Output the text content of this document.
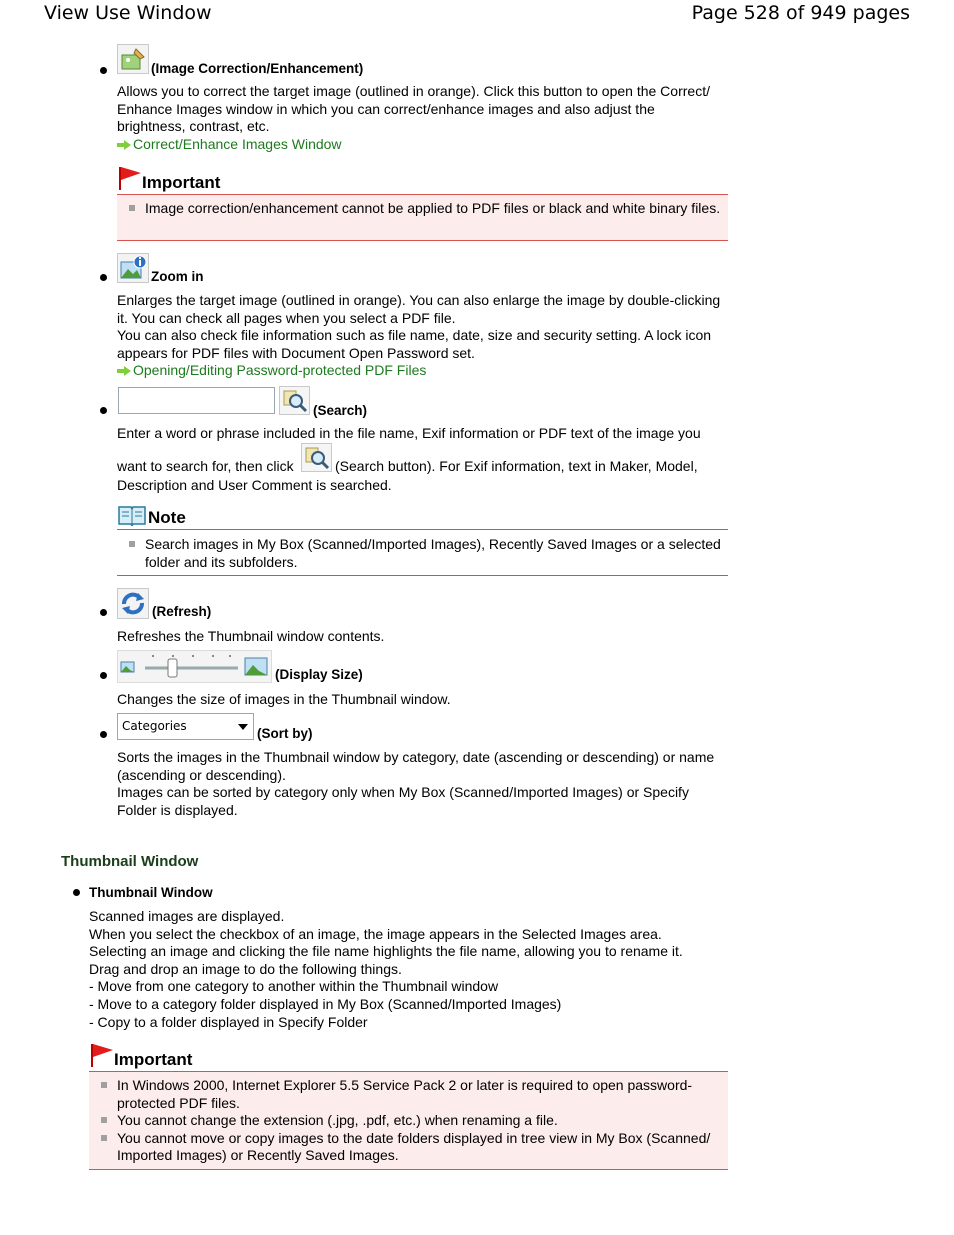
View Use Window	Page 528 of 949 pages
(Image Correction/Enhancement)
Allows you to correct the target image (outlined in orange). Click this button to open the Correct/ Enhance Images window in which you can correct/enhance images and also adjust the brightness, contrast, etc.
Correct/Enhance Images Window
Important
Image correction/enhancement cannot be applied to PDF files or black and white binary files.
Zoom in
Enlarges the target image (outlined in orange). You can also enlarge the image by double-clicking it. You can check all pages when you select a PDF file.
You can also check file information such as file name, date, size and security setting. A lock icon appears for PDF files with Document Open Password set.
Opening/Editing Password-protected PDF Files
(Search)
Enter a word or phrase included in the file name, Exif information or PDF text of the image you
want to search for, then click	(Search button). For Exif information, text in Maker, Model,
Description and User Comment is searched.
Note
Search images in My Box (Scanned/Imported Images), Recently Saved Images or a selected folder and its subfolders.
(Refresh)
Refreshes the Thumbnail window contents.
(Display Size)
Changes the size of images in the Thumbnail window.
Categories	(Sort by)
Sorts the images in the Thumbnail window by category, date (ascending or descending) or name (ascending or descending).
Images can be sorted by category only when My Box (Scanned/Imported Images) or Specify Folder is displayed.
Thumbnail Window
Thumbnail Window
Scanned images are displayed.
When you select the checkbox of an image, the image appears in the Selected Images area.
Selecting an image and clicking the file name highlights the file name, allowing you to rename it.
Drag and drop an image to do the following things.
- Move from one category to another within the Thumbnail window
- Move to a category folder displayed in My Box (Scanned/Imported Images)
- Copy to a folder displayed in Specify Folder
Important
In Windows 2000, Internet Explorer 5.5 Service Pack 2 or later is required to open password-protected PDF files.
You cannot change the extension (.jpg, .pdf, etc.) when renaming a file.
You cannot move or copy images to the date folders displayed in tree view in My Box (Scanned/ Imported Images) or Recently Saved Images.
